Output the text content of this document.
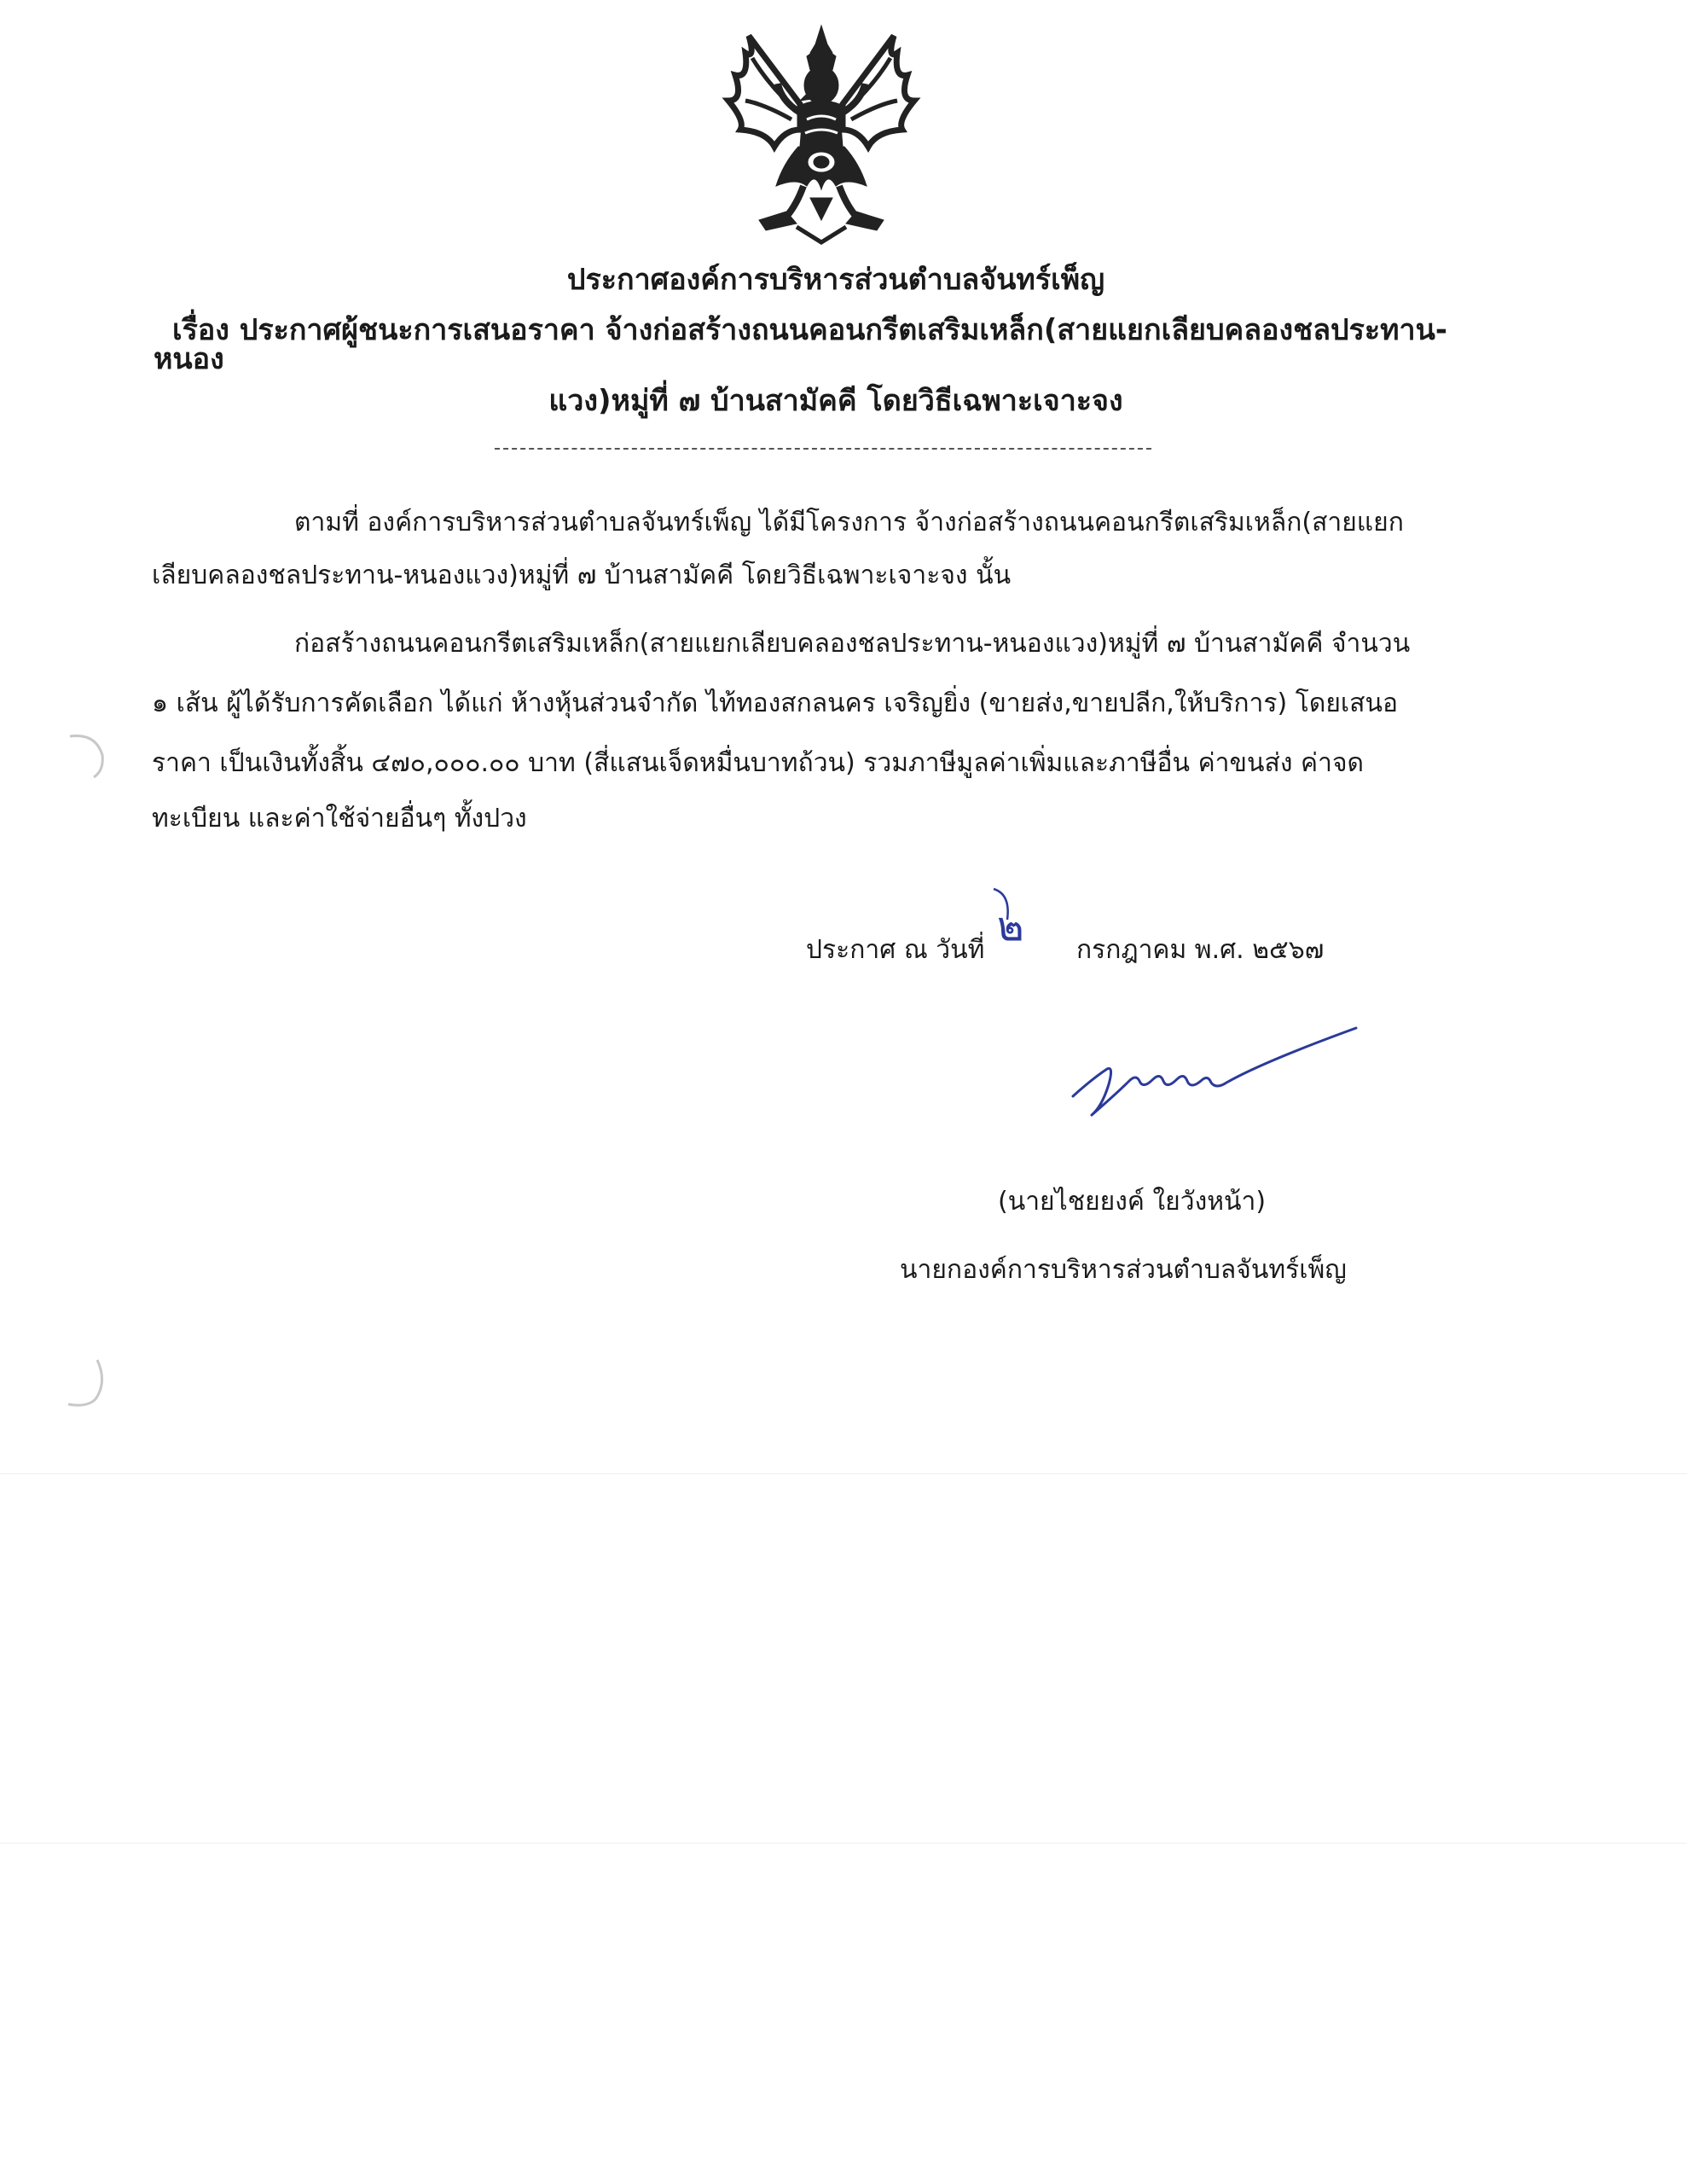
ประกาศองค์การบริหารส่วนตำบลจันทร์เพ็ญ
เรื่อง ประกาศผู้ชนะการเสนอราคา จ้างก่อสร้างถนนคอนกรีตเสริมเหล็ก(สายแยกเลียบคลองชลประทาน-หนอง
แวง)หมู่ที่ ๗ บ้านสามัคคี โดยวิธีเฉพาะเจาะจง
ตามที่ องค์การบริหารส่วนตำบลจันทร์เพ็ญ ได้มีโครงการ จ้างก่อสร้างถนนคอนกรีตเสริมเหล็ก(สายแยก
เลียบคลองชลประทาน-หนองแวง)หมู่ที่ ๗ บ้านสามัคคี โดยวิธีเฉพาะเจาะจง นั้น
ก่อสร้างถนนคอนกรีตเสริมเหล็ก(สายแยกเลียบคลองชลประทาน-หนองแวง)หมู่ที่ ๗ บ้านสามัคคี จำนวน
๑ เส้น ผู้ได้รับการคัดเลือก ได้แก่ ห้างหุ้นส่วนจำกัด ไท้ทองสกลนคร เจริญยิ่ง (ขายส่ง,ขายปลีก,ให้บริการ) โดยเสนอ
ราคา เป็นเงินทั้งสิ้น ๔๗๐,๐๐๐.๐๐ บาท (สี่แสนเจ็ดหมื่นบาทถ้วน) รวมภาษีมูลค่าเพิ่มและภาษีอื่น ค่าขนส่ง ค่าจด
ทะเบียน และค่าใช้จ่ายอื่นๆ ทั้งปวง
ประกาศ ณ วันที่ ๒ กรกฎาคม พ.ศ. ๒๕๖๗
(นายไชยยงค์ ใยวังหน้า)
นายกองค์การบริหารส่วนตำบลจันทร์เพ็ญ
